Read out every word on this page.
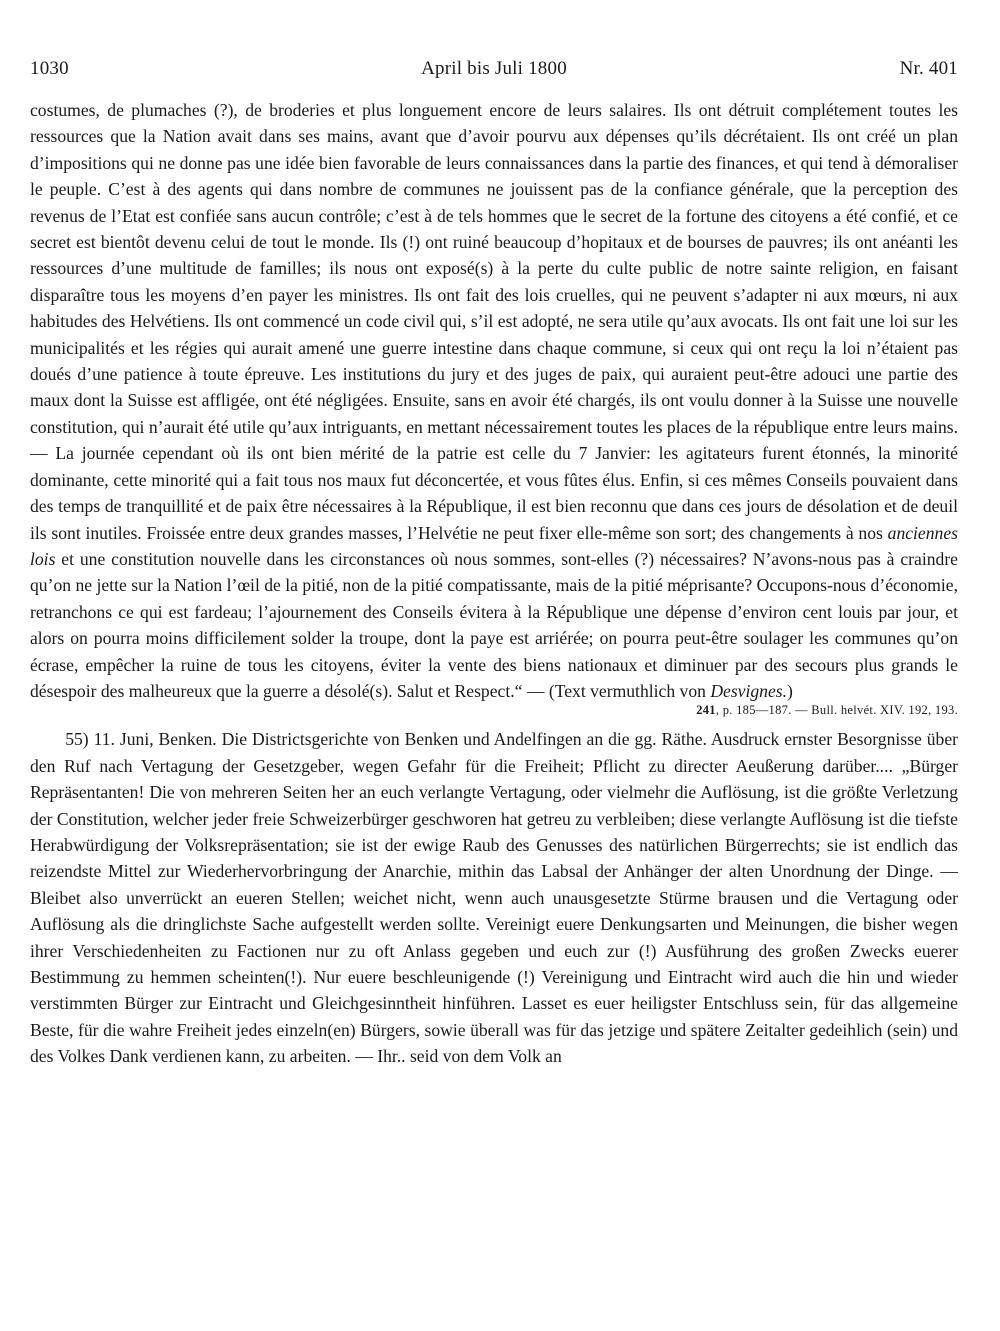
1030	April bis Juli 1800	Nr. 401

costumes, de plumaches (?), de broderies et plus longuement encore de leurs salaires. Ils ont détruit complétement toutes les ressources que la Nation avait dans ses mains, avant que d’avoir pourvu aux dépenses qu’ils décrétaient. Ils ont créé un plan d’impositions qui ne donne pas une idée bien favorable de leurs connaissances dans la partie des finances, et qui tend à démoraliser le peuple. C’est à des agents qui dans nombre de communes ne jouissent pas de la confiance générale, que la perception des revenus de l’Etat est confiée sans aucun contrôle; c’est à de tels hommes que le secret de la fortune des citoyens a été confié, et ce secret est bientôt devenu celui de tout le monde. Ils (!) ont ruiné beaucoup d’hopitaux et de bourses de pauvres; ils ont anéanti les ressources d’une multitude de familles; ils nous ont exposé(s) à la perte du culte public de notre sainte religion, en faisant disparaître tous les moyens d’en payer les ministres. Ils ont fait des lois cruelles, qui ne peuvent s’adapter ni aux mœurs, ni aux habitudes des Helvétiens. Ils ont commencé un code civil qui, s’il est adopté, ne sera utile qu’aux avocats. Ils ont fait une loi sur les municipalités et les régies qui aurait amené une guerre intestine dans chaque commune, si ceux qui ont reçu la loi n’étaient pas doués d’une patience à toute épreuve. Les institutions du jury et des juges de paix, qui auraient peut-être adouci une partie des maux dont la Suisse est affligée, ont été négligées. Ensuite, sans en avoir été chargés, ils ont voulu donner à la Suisse une nouvelle constitution, qui n’aurait été utile qu’aux intriguants, en mettant nécessairement toutes les places de la république entre leurs mains. — La journée cependant où ils ont bien mérité de la patrie est celle du 7 Janvier: les agitateurs furent étonnés, la minorité dominante, cette minorité qui a fait tous nos maux fut déconcertée, et vous fûtes élus. Enfin, si ces mêmes Conseils pouvaient dans des temps de tranquillité et de paix être nécessaires à la République, il est bien reconnu que dans ces jours de désolation et de deuil ils sont inutiles. Froissée entre deux grandes masses, l’Helvétie ne peut fixer elle-même son sort; des changements à nos anciennes lois et une constitution nouvelle dans les circonstances où nous sommes, sont-elles (?) nécessaires? N’avons-nous pas à craindre qu’on ne jette sur la Nation l’œil de la pitié, non de la pitié compatissante, mais de la pitié méprisante? Occupons-nous d’économie, retranchons ce qui est fardeau; l’ajournement des Conseils évitera à la République une dépense d’environ cent louis par jour, et alors on pourra moins difficilement solder la troupe, dont la paye est arriérée; on pourra peut-être soulager les communes qu’on écrase, empêcher la ruine de tous les citoyens, éviter la vente des biens nationaux et diminuer par des secours plus grands le désespoir des malheureux que la guerre a désolé(s). Salut et Respect.“ — (Text vermuthlich von Desvignes.)

241, p. 185—187. — Bull. helvét. XIV. 192, 193.

55) 11. Juni, Benken. Die Districtsgerichte von Benken und Andelfingen an die gg. Räthe. Ausdruck ernster Besorgnisse über den Ruf nach Vertagung der Gesetzgeber, wegen Gefahr für die Freiheit; Pflicht zu directer Aeußerung darüber.... „Bürger Repräsentanten! Die von mehreren Seiten her an euch verlangte Vertagung, oder vielmehr die Auflösung, ist die größte Verletzung der Constitution, welcher jeder freie Schweizerbürger geschworen hat getreu zu verbleiben; diese verlangte Auflösung ist die tiefste Herabwürdigung der Volksrepräsentation; sie ist der ewige Raub des Genusses des natürlichen Bürgerrechts; sie ist endlich das reizendste Mittel zur Wiederhervorbringung der Anarchie, mithin das Labsal der Anhänger der alten Unordnung der Dinge. — Bleibet also unverrückt an eueren Stellen; weichet nicht, wenn auch unausgesetzte Stürme brausen und die Vertagung oder Auflösung als die dringlichste Sache aufgestellt werden sollte. Vereinigt euere Denkungsarten und Meinungen, die bisher wegen ihrer Verschiedenheiten zu Factionen nur zu oft Anlass gegeben und euch zur (!) Ausführung des großen Zwecks euerer Bestimmung zu hemmen scheinten(!). Nur euere beschleunigende (!) Vereinigung und Eintracht wird auch die hin und wieder verstimmten Bürger zur Eintracht und Gleichgesinntheit hinführen. Lasset es euer heiligster Entschluss sein, für das allgemeine Beste, für die wahre Freiheit jedes einzeln(en) Bürgers, sowie überall was für das jetzige und spätere Zeitalter gedeihlich (sein) und des Volkes Dank verdienen kann, zu arbeiten. — Ihr.. seid von dem Volk an
